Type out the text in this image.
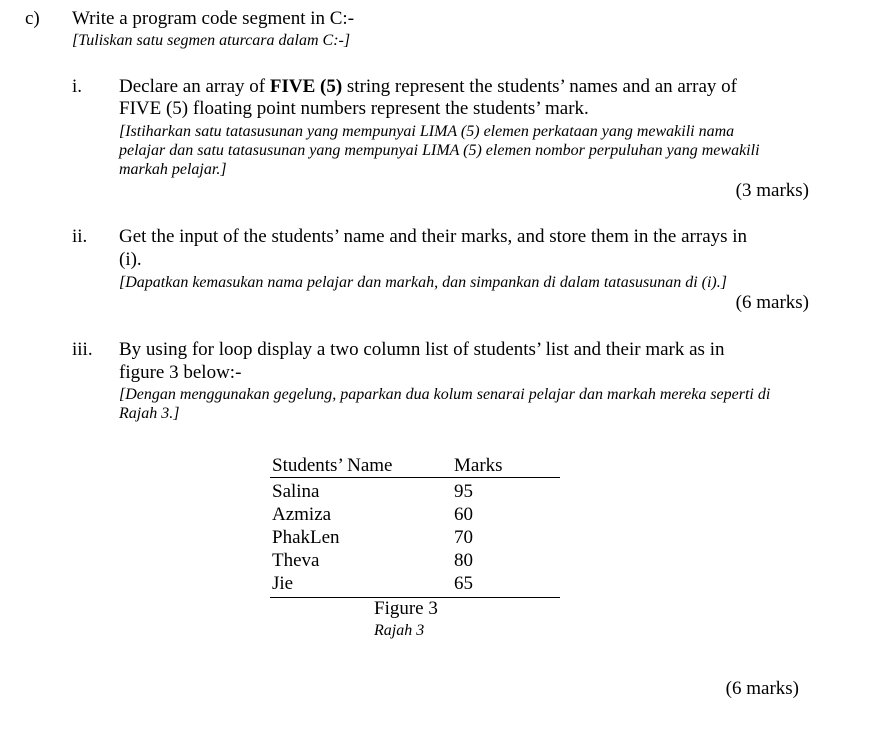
c) Write a program code segment in C:-
[Tuliskan satu segmen aturcara dalam C:-]
i. Declare an array of FIVE (5) string represent the students’ names and an array of
FIVE (5) floating point numbers represent the students’ mark.
[Istiharkan satu tatasusunan yang mempunyai LIMA (5) elemen perkataan yang mewakili nama
pelajar dan satu tatasusunan yang mempunyai LIMA (5) elemen nombor perpuluhan yang mewakili
markah pelajar.]
(3 marks)
ii. Get the input of the students’ name and their marks, and store them in the arrays in
(i).
[Dapatkan kemasukan nama pelajar dan markah, dan simpankan di dalam tatasusunan di (i).]
(6 marks)
iii. By using for loop display a two column list of students’ list and their mark as in
figure 3 below:-
[Dengan menggunakan gegelung, paparkan dua kolum senarai pelajar dan markah mereka seperti di
Rajah 3.]
Students’ Name	Marks
Salina	95
Azmiza	60
PhakLen	70
Theva	80
Jie	65
Figure 3
Rajah 3
(6 marks)
